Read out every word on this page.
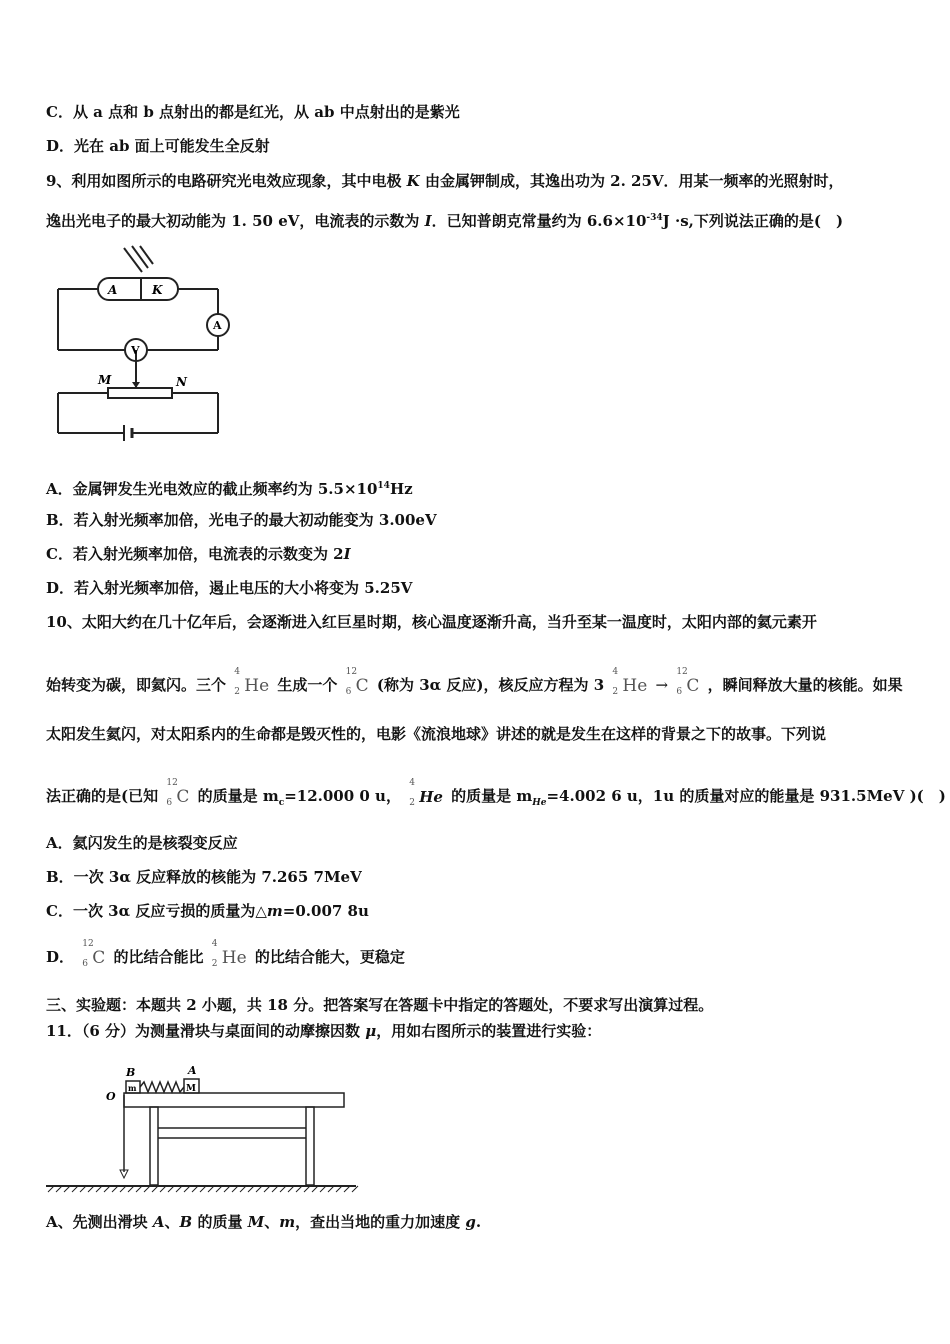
C．从 a 点和 b 点射出的都是红光，从 ab 中点射出的是紫光
D．光在 ab 面上可能发生全反射
9、利用如图所示的电路研究光电效应现象，其中电极 K 由金属钾制成，其逸出功为 2. 25V．用某一频率的光照射时，
逸出光电子的最大初动能为 1. 50 eV，电流表的示数为 I．已知普朗克常量约为 $6.6\times 10^{-34}J \cdot s$,下列说法正确的是(　)
A	K
A
V
M	N
A．金属钾发生光电效应的截止频率约为 $5.5\times 10^{14}Hz$
B．若入射光频率加倍，光电子的最大初动能变为 3.00eV
C．若入射光频率加倍，电流表的示数变为 2I
D．若入射光频率加倍，遏止电压的大小将变为 5.25V
10、太阳大约在几十亿年后，会逐渐进入红巨星时期，核心温度逐渐升高，当升至某一温度时，太阳内部的氦元素开
始转变为碳，即氦闪。三个
4
2 He 生成一个
12
6 C (称为 3α 反应)，核反应方程为 3
4
2 He →
12
6 C ，瞬间释放大量的核能。如果
太阳发生氦闪，对太阳系内的生命都是毁灭性的，电影《流浪地球》讲述的就是发生在这样的背景之下的故事。下列说
法正确的是(已知
12
6 C 的质量是 $m_c=12.000$ 0 u，
4
2 He 的质量是 $m_{He}=4.002$ 6 u，1u 的质量对应的能量是 931.5MeV )(　)
A．氦闪发生的是核裂变反应
B．一次 3α 反应释放的核能为 7.265 7MeV
C．一次 3α 反应亏损的质量为△m=0.007 8u
D．
12
6 C 的比结合能比
4
2 He 的比结合能大，更稳定
三、实验题：本题共 2 小题，共 18 分。把答案写在答题卡中指定的答题处，不要求写出演算过程。
11．（6 分）为测量滑块与桌面间的动摩擦因数 μ，用如右图所示的装置进行实验：
B	A
O
m	M
A、先测出滑块 A、B 的质量 M、m，查出当地的重力加速度 g.
